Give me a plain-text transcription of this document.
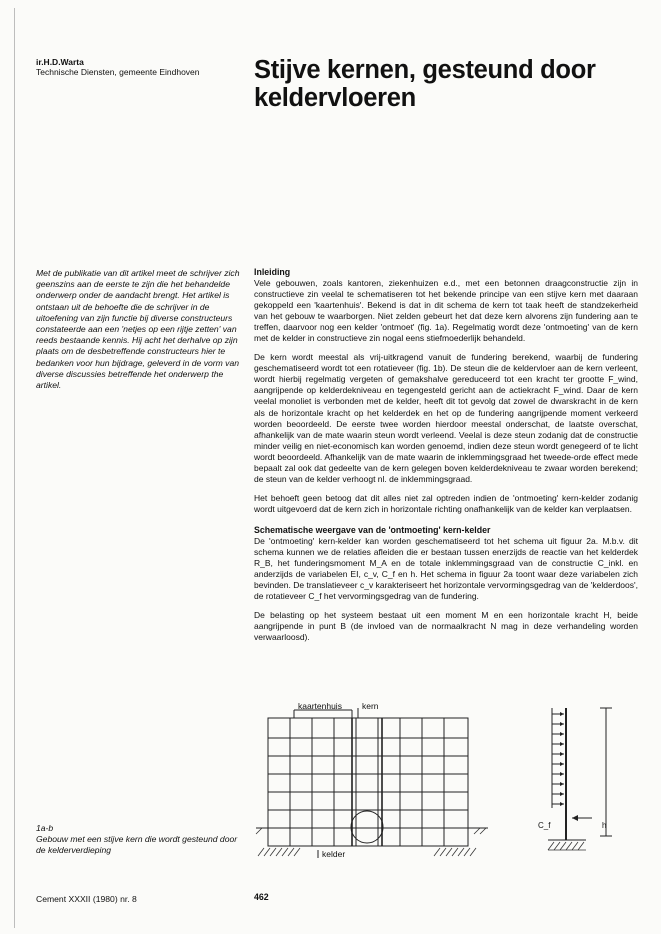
ir.H.D.Warta
Technische Diensten, gemeente Eindhoven Stijve kernen, gesteund door
keldervloeren
Met de publikatie van dit artikel meet de schrijver zich geenszins aan de eerste te zijn die het behandelde onderwerp onder de aandacht brengt. Het artikel is ontstaan uit de behoefte die de schrijver in de uitoefening van zijn functie bij diverse constructeurs constateerde aan een 'netjes op een rijtje zetten' van reeds bestaande kennis. Hij acht het derhalve op zijn plaats om de desbetreffende constructeurs hier te bedanken voor hun bijdrage, geleverd in de vorm van diverse discussies betreffende het onderwerp the artikel.
Inleiding

Vele gebouwen, zoals kantoren, ziekenhuizen e.d., met een betonnen draagconstructie zijn in constructieve zin veelal te schematiseren tot het bekende principe van een stijve kern met daaraan gekoppeld een 'kaartenhuis'. Bekend is dat in dit schema de kern tot taak heeft de standzekerheid van het gebouw te waarborgen. Niet zelden gebeurt het dat deze kern alvorens zijn fundering aan te treffen, daarvoor nog een kelder 'ontmoet' (fig. 1a). Regelmatig wordt deze 'ontmoeting' van de kern met de kelder in constructieve zin nogal eens stiefmoederlijk behandeld.

De kern wordt meestal als vrij-uitkragend vanuit de fundering berekend, waarbij de fundering geschematiseerd wordt tot een rotatieveer (fig. 1b). De steun die de keldervloer aan de kern verleent, wordt hierbij regelmatig vergeten of gemakshalve gereduceerd tot een kracht ter grootte F_wind, aangrijpende op kelderdekniveau en tegengesteld gericht aan de actiekracht F_wind. Daar de kern veelal monoliet is verbonden met de kelder, heeft dit tot gevolg dat zowel de dwarskracht in de kern als de horizontale kracht op het kelderdek en het op de fundering aangrijpende moment verkeerd worden beoordeeld. De eerste twee worden hierdoor meestal onderschat, de laatste overschat, afhankelijk van de mate waarin steun wordt verleend. Veelal is deze steun zodanig dat de constructie minder veilig en niet-economisch kan worden genoemd, indien deze steun wordt genegeerd of te licht wordt beoordeeld. Afhankelijk van de mate waarin de inklemmingsgraad het tweede-orde effect mede bepaalt zal ook dat gedeelte van de kern gelegen boven kelderdekniveau te zwaar worden berekend; de steun van de kelder verhoogt nl. de inklemmingsgraad.

Het behoeft geen betoog dat dit alles niet zal optreden indien de 'ontmoeting' kern-kelder zodanig wordt uitgevoerd dat de kern zich in horizontale richting onafhankelijk van de kelder kan verplaatsen.

Schematische weergave van de 'ontmoeting' kern-kelder

De 'ontmoeting' kern-kelder kan worden geschematiseerd tot het schema uit figuur 2a. M.b.v. dit schema kunnen we de relaties afleiden die er bestaan tussen enerzijds de reactie van het kelderdek R_B, het funderingsmoment M_A en de totale inklemmingsgraad van de constructie C_inkl. en anderzijds de variabelen EI, c_v, C_f en h. Het schema in figuur 2a toont waar deze variabelen zich bevinden. De translatieveer c_v karakteriseert het horizontale vervormingsgedrag van de 'kelderdoos', de rotatieveer C_f het vervormingsgedrag van de fundering.

De belasting op het systeem bestaat uit een moment M en een horizontale kracht H, beide aangrijpende in punt B (de invloed van de normaalkracht N mag in deze verhandeling worden verwaarloosd).

kaartenhuis kern
kelder
C_f	h
1a-b
Gebouw met een stijve kern die wordt gesteund door de kelderverdieping
Cement XXXII (1980) nr. 8	462
